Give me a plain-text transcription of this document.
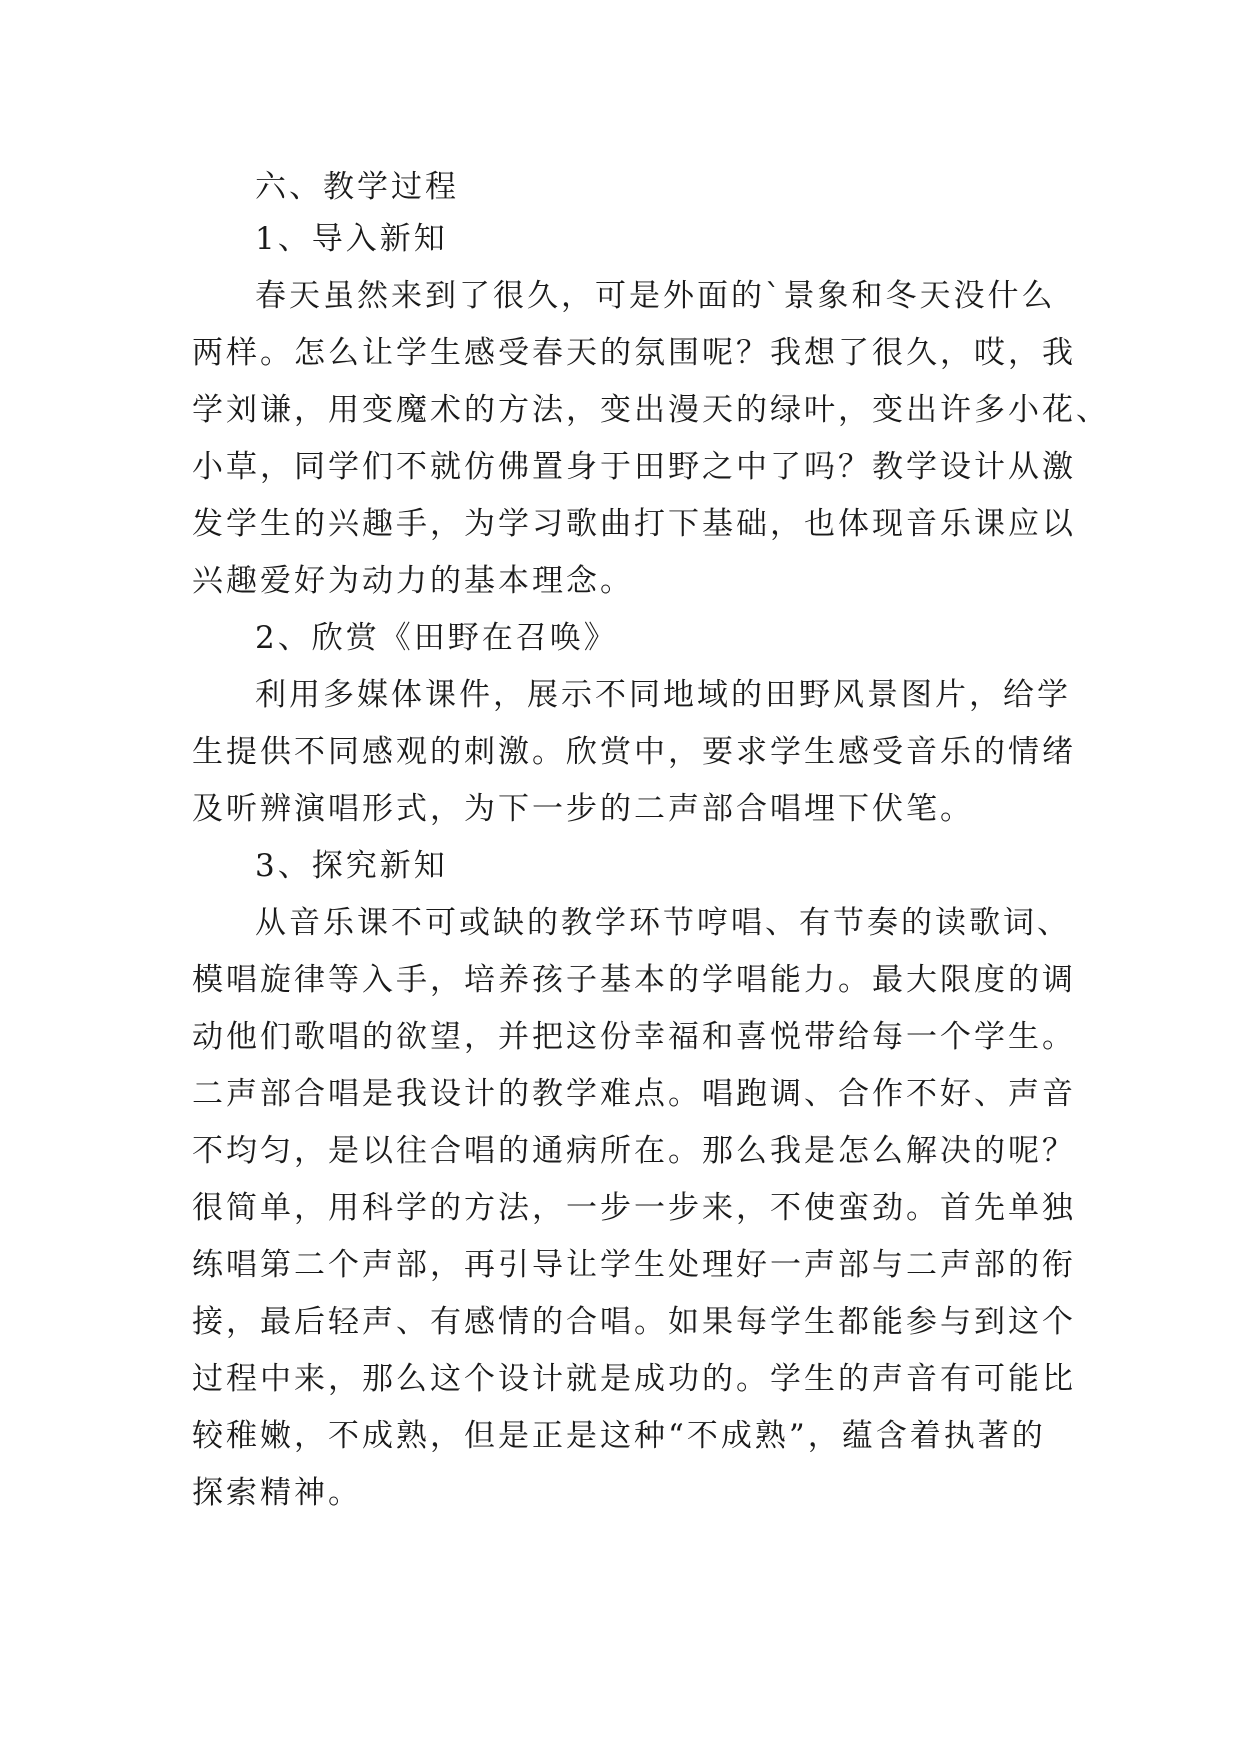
六、教学过程
1、导入新知
春天虽然来到了很久，可是外面的`景象和冬天没什么
两样。怎么让学生感受春天的氛围呢？我想了很久，哎，我
学刘谦，用变魔术的方法，变出漫天的绿叶，变出许多小花、
小草，同学们不就仿佛置身于田野之中了吗？教学设计从激
发学生的兴趣手，为学习歌曲打下基础，也体现音乐课应以
兴趣爱好为动力的基本理念。
2、欣赏《田野在召唤》
利用多媒体课件，展示不同地域的田野风景图片，给学
生提供不同感观的刺激。欣赏中，要求学生感受音乐的情绪
及听辨演唱形式，为下一步的二声部合唱埋下伏笔。
3、探究新知
从音乐课不可或缺的教学环节哼唱、有节奏的读歌词、
模唱旋律等入手，培养孩子基本的学唱能力。最大限度的调
动他们歌唱的欲望，并把这份幸福和喜悦带给每一个学生。
二声部合唱是我设计的教学难点。唱跑调、合作不好、声音
不均匀，是以往合唱的通病所在。那么我是怎么解决的呢？
很简单，用科学的方法，一步一步来，不使蛮劲。首先单独
练唱第二个声部，再引导让学生处理好一声部与二声部的衔
接，最后轻声、有感情的合唱。如果每学生都能参与到这个
过程中来，那么这个设计就是成功的。学生的声音有可能比
较稚嫩，不成熟，但是正是这种“不成熟”，蕴含着执著的
探索精神。
